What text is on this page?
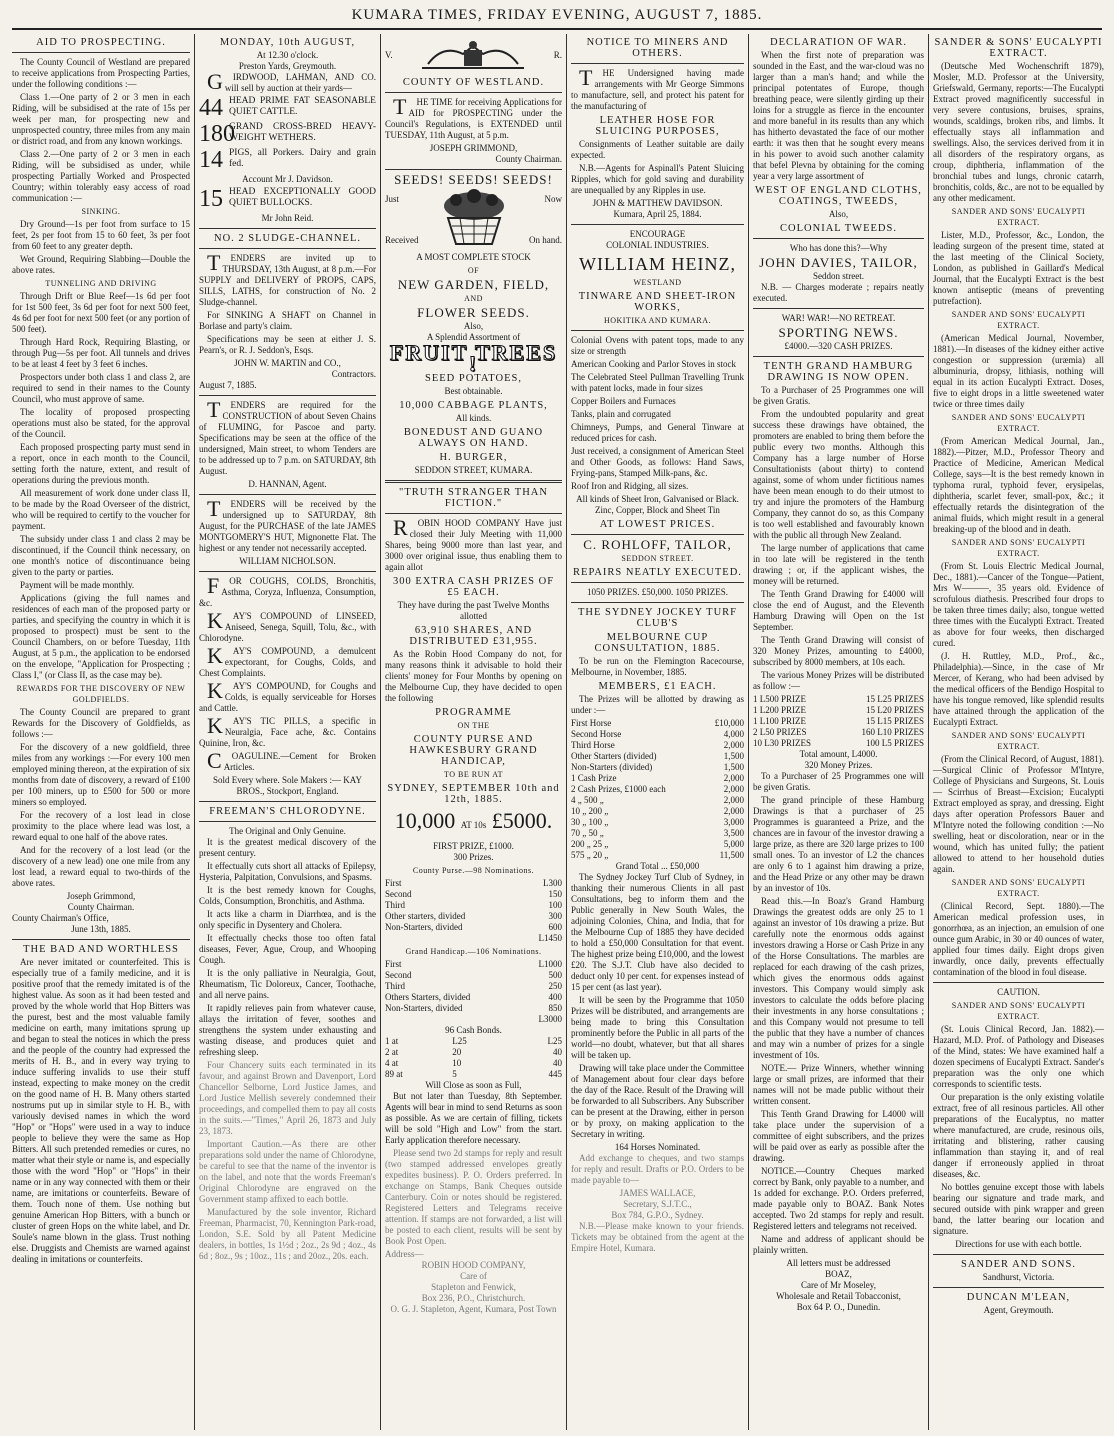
KUMARA TIMES, FRIDAY EVENING, AUGUST 7, 1885.
AID TO PROSPECTING.

The County Council of Westland are prepared to receive applications from Prospecting Parties, under the following conditions :—

Class 1.—One party of 2 or 3 men in each Riding, will be subsidised at the rate of 15s per week per man, for prospecting new and unprospected country, three miles from any main or district road, and from any known workings.

Class 2.—One party of 2 or 3 men in each Riding, will be subsidised as under, while prospecting Partially Worked and Prospected Country; within tolerably easy access of road communication :—

SINKING.

Dry Ground—1s per foot from surface to 15 feet, 2s per foot from 15 to 60 feet, 3s per foot from 60 feet to any greater depth.

Wet Ground, Requiring Slabbing—Double the above rates.

TUNNELING AND DRIVING

Through Drift or Blue Reef—1s 6d per foot for 1st 500 feet, 3s 6d per foot for next 500 feet, 4s 6d per foot for next 500 feet (or any portion of 500 feet).

Through Hard Rock, Requiring Blasting, or through Pug—5s per foot. All tunnels and drives to be at least 4 feet by 3 feet 6 inches.

Prospectors under both class 1 and class 2, are required to send in their names to the County Council, who must approve of same.

The locality of proposed prospecting operations must also be stated, for the approval of the Council.

Each proposed prospecting party must send in a report, once in each month to the Council, setting forth the nature, extent, and result of operations during the previous month.

All measurement of work done under class II, to be made by the Road Overseer of the district, who will be required to certify to the voucher for payment.

The subsidy under class 1 and class 2 may be discontinued, if the Council think necessary, on one month's notice of discontinuance being given to the party or parties.

Payment will be made monthly.

Applications (giving the full names and residences of each man of the proposed party or parties, and specifying the country in which it is proposed to prospect) must be sent to the Council Chambers, on or before Tuesday, 11th August, at 5 p.m., the application to be endorsed on the envelope, "Application for Prospecting ; Class I," (or Class II, as the case may be).

REWARDS FOR THE DISCOVERY OF NEW GOLDFIELDS.

The County Council are prepared to grant Rewards for the Discovery of Goldfields, as follows :—

For the discovery of a new goldfield, three miles from any workings :—For every 100 men employed mining thereon, at the expiration of six months from date of discovery, a reward of £100 per 100 miners, up to £500 for 500 or more miners so employed.

For the recovery of a lost lead in close proximity to the place where lead was lost, a reward equal to one half of the above rates.

And for the recovery of a lost lead (or the discovery of a new lead) one one mile from any lost lead, a reward equal to two-thirds of the above rates.

Joseph Grimmond,
County Chairman.
County Chairman's Office,
June 13th, 1885.
THE BAD AND WORTHLESS

Are never imitated or counterfeited. This is especially true of a family medicine, and it is positive proof that the remedy imitated is of the highest value. As soon as it had been tested and proved by the whole world that Hop Bitters was the purest, best and the most valuable family medicine on earth, many imitations sprung up and began to steal the notices in which the press and the people of the country had expressed the merits of H. B., and in every way trying to induce suffering invalids to use their stuff instead, expecting to make money on the credit on the good name of H. B. Many others started nostrums put up in similar style to H. B., with variously devised names in which the word "Hop" or "Hops" were used in a way to induce people to believe they were the same as Hop Bitters. All such pretended remedies or cures, no matter what their style or name is, and especially those with the word "Hop" or "Hops" in their name or in any way connected with them or their name, are imitations or counterfeits. Beware of them. Touch none of them. Use nothing but genuine American Hop Bitters, with a bunch or cluster of green Hops on the white label, and Dr. Soule's name blown in the glass. Trust nothing else. Druggists and Chemists are warned against dealing in imitations or counterfeits.

MONDAY, 10th AUGUST,
At 12.30 o'clock.
Preston Yards, Greymouth.

GIRDWOOD, LAHMAN, AND CO. will sell by auction at their yards—

44 HEAD PRIME FAT SEASONABLE QUIET CATTLE.
180
GRAND CROSS-BRED HEAVY-WEIGHT WETHERS.
14 PIGS, all Porkers. Dairy and grain fed.
Account Mr J. Davidson.
15 HEAD EXCEPTIONALLY GOOD QUIET BULLOCKS.
Mr John Reid.
NO. 2 SLUDGE-CHANNEL.

TENDERS are invited up to THURSDAY, 13th August, at 8 p.m.—For SUPPLY and DELIVERY of PROPS, CAPS, SILLS, LATHS, for construction of No. 2 Sludge-channel.

For SINKING A SHAFT on Channel in Borlase and party's claim.

Specifications may be seen at either J. S. Pearn's, or R. J. Seddon's, Esqs.

JOHN W. MARTIN and CO.,
Contractors.
August 7, 1885.

TENDERS are required for the CONSTRUCTION of about Seven Chains of FLUMING, for Pascoe and party. Specifications may be seen at the office of the undersigned, Main street, to whom Tenders are to be addressed up to 7 p.m. on SATURDAY, 8th August.

D. HANNAN, Agent.

TENDERS will be received by the undersigned up to SATURDAY, 8th August, for the PURCHASE of the late JAMES MONTGOMERY'S HUT, Mignonette Flat. The highest or any tender not necessarily accepted.

WILLIAM NICHOLSON.

FOR COUGHS, COLDS, Bronchitis, Asthma, Coryza, Influenza, Consumption, &c.

KAY'S COMPOUND of LINSEED, Aniseed, Senega, Squill, Tolu, &c., with Chlorodyne.

KAY'S COMPOUND, a demulcent expectorant, for Coughs, Colds, and Chest Complaints.

KAY'S COMPOUND, for Coughs and Colds, is equally serviceable for Horses and Cattle.

KAY'S TIC PILLS, a specific in Neuralgia, Face ache, &c. Contains Quinine, Iron, &c.

COAGULINE.—Cement for Broken Articles.

Sold Every where. Sole Makers :— KAY BROS., Stockport, England.

FREEMAN'S CHLORODYNE.
The Original and Only Genuine.

It is the greatest medical discovery of the present century.

It effectually cuts short all attacks of Epilepsy, Hysteria, Palpitation, Convulsions, and Spasms.

It is the best remedy known for Coughs, Colds, Consumption, Bronchitis, and Asthma.

It acts like a charm in Diarrhœa, and is the only specific in Dysentery and Cholera.

It effectually checks those too often fatal diseases, Fever, Ague, Croup, and Whooping Cough.

It is the only palliative in Neuralgia, Gout, Rheumatism, Tic Doloreux, Cancer, Toothache, and all nerve pains.

It rapidly relieves pain from whatever cause, allays the irritation of fever, soothes and strengthens the system under exhausting and wasting disease, and produces quiet and refreshing sleep.

Four Chancery suits each terminated in its favour, and against Brown and Davenport, Lord Chancellor Selborne, Lord Justice James, and Lord Justice Mellish severely condemned their proceedings, and compelled them to pay all costs in the suits.—"Times," April 26, 1873 and July 23, 1873.

Important Caution.—As there are other preparations sold under the name of Chlorodyne, be careful to see that the name of the inventor is on the label, and note that the words Freeman's Original Chlorodyne are engraved on the Government stamp affixed to each bottle.

Manufactured by the sole inventor, Richard Freeman, Pharmacist, 70, Kennington Park-road, London, S.E. Sold by all Patent Medicine dealers, in bottles, 1s 1½d ; 2oz., 2s 9d ; 4oz., 4s 6d ; 8oz., 9s ; 10oz., 11s ; and 20oz., 20s. each.

V.	R.
COUNTY OF WESTLAND.

THE TIME for receiving Applications for AID for PROSPECTING under the Council's Regulations, is EXTENDED until TUESDAY, 11th August, at 5 p.m.

JOSEPH GRIMMOND,
County Chairman.
SEEDS! SEEDS! SEEDS!
Just
Received
Now
On hand.
A MOST COMPLETE STOCK
OF
NEW GARDEN, FIELD,
AND
FLOWER SEEDS.
Also,
A Splendid Assortment of
FRUIT TREES !
SEED POTATOES,
Best obtainable.
10,000 CABBAGE PLANTS,
All kinds.
BONEDUST AND GUANO ALWAYS ON HAND.
H. BURGER,
SEDDON STREET, KUMARA.
"TRUTH STRANGER THAN FICTION."

ROBIN HOOD COMPANY Have just closed their July Meeting with 11,000 Shares, being 9000 more than last year, and 3000 over original issue, thus enabling them to again allot

300 EXTRA CASH PRIZES OF £5 EACH.
They have during the past Twelve Months allotted
63,910 SHARES, AND DISTRIBUTED £31,955.

As the Robin Hood Company do not, for many reasons think it advisable to hold their clients' money for Four Months by opening on the Melbourne Cup, they have decided to open the following

PROGRAMME
ON THE
COUNTY PURSE AND HAWKESBURY GRAND HANDICAP,
TO BE RUN AT
SYDNEY, SEPTEMBER 10th and 12th, 1885.
10,000 AT 10s £5000.
FIRST PRIZE, £1000.
300 Prizes.
County Purse.—98 Nominations.
First	L300
Second	150
Third	100
Other starters, divided	300
Non-Starters, divided	600
	L1450
Grand Handicap.—106 Nominations.
First	L1000
Second	500
Third	250
Others Starters, divided	400
Non-Starters, divided	850
	L3000
96 Cash Bonds.
1 at	L25	L25
2 at	20	40
4 at	10	40
89 at	5	445
Will Close as soon as Full,

But not later than Tuesday, 8th September. Agents will bear in mind to send Returns as soon as possible. As we are certain of filling, tickets will be sold "High and Low" from the start. Early application therefore necessary.

Please send two 2d stamps for reply and result (two stamped addressed envelopes greatly expedites business). P. O. Orders preferred. In exchange on Stamps, Bank Cheques outside Canterbury. Coin or notes should be registered. Registered Letters and Telegrams receive attention. If stamps are not forwarded, a list will be posted to each client, results will be sent by Book Post Open.

Address—
ROBIN HOOD COMPANY,
Care of
Stapleton and Fenwick,
Box 236, P.O., Christchurch.
O. G. J. Stapleton, Agent, Kumara, Post Town
NOTICE TO MINERS AND OTHERS.

THE Undersigned having made arrangements with Mr George Simmons to manufacture, sell, and protect his patent for the manufacturing of

LEATHER HOSE FOR SLUICING PURPOSES,

Consignments of Leather suitable are daily expected.

N.B.—Agents for Aspinall's Patent Sluicing Ripples, which for gold saving and durability are unequalled by any Ripples in use.

JOHN & MATTHEW DAVIDSON.
Kumara, April 25, 1884.
ENCOURAGE
COLONIAL INDUSTRIES.
WILLIAM HEINZ,
WESTLAND
TINWARE AND SHEET-IRON WORKS,
HOKITIKA AND KUMARA.

Colonial Ovens with patent tops, made to any size or strength

American Cooking and Parlor Stoves in stock

The Celebrated Steel Pullman Travelling Trunk with patent locks, made in four sizes

Copper Boilers and Furnaces

Tanks, plain and corrugated

Chimneys, Pumps, and General Tinware at reduced prices for cash.

Just received, a consignment of American Steel and Other Goods, as follows: Hand Saws, Frying-pans, Stamped Milk-pans, &c.

Roof Iron and Ridging, all sizes.

All kinds of Sheet Iron, Galvanised or Black.
Zinc, Copper, Block and Sheet Tin
AT LOWEST PRICES.
C. ROHLOFF, TAILOR,
SEDDON STREET.
REPAIRS NEATLY EXECUTED.
1050 PRIZES. £50,000. 1050 PRIZES.
THE SYDNEY JOCKEY TURF CLUB'S
MELBOURNE CUP CONSULTATION, 1885.

To be run on the Flemington Racecourse, Melbourne, in November, 1885.

MEMBERS, £1 EACH.

The Prizes will be allotted by drawing as under :—

First Horse	£10,000
Second Horse	4,000
Third Horse	2,000
Other Starters (divided)	1,500
Non-Starters (divided)	1,500
1 Cash Prize	2,000
2 Cash Prizes, £1000 each	2,000
4 „ 500 „	2,000
10 „ 200 „	2,000
30 „ 100 „	3,000
70 „ 50 „	3,500
200 „ 25 „	5,000
575 „ 20 „	11,500
Grand Total ... £50,000

The Sydney Jockey Turf Club of Sydney, in thanking their numerous Clients in all past Consultations, beg to inform them and the Public generally in New South Wales, the adjoining Colonies, China, and India, that for the Melbourne Cup of 1885 they have decided to hold a £50,000 Consultation for that event. The highest prize being £10,000, and the lowest £20. The S.J.T. Club have also decided to deduct only 10 per cent. for expenses instead of 15 per cent (as last year).

It will be seen by the Programme that 1050 Prizes will be distributed, and arrangements are being made to bring this Consultation prominently before the Public in all parts of the world—no doubt, whatever, but that all shares will be taken up.

Drawing will take place under the Committee of Management about four clear days before the day of the Race. Result of the Drawing will be forwarded to all Subscribers. Any Subscriber can be present at the Drawing, either in person or by proxy, on making application to the Secretary in writing.

164 Horses Nominated.

Add exchange to cheques, and two stamps for reply and result. Drafts or P.O. Orders to be made payable to—

JAMES WALLACE,
Secretary, S.J.T.C.,
Box 784, G.P.O., Sydney.

N.B.—Please make known to your friends. Tickets may be obtained from the agent at the Empire Hotel, Kumara.

DECLARATION OF WAR.

When the first note of preparation was sounded in the East, and the war-cloud was no larger than a man's hand; and while the principal potentates of Europe, though breathing peace, were silently girding up their loins for a struggle as fierce in the encounter and more baneful in its results than any which has hitherto devastated the face of our mother earth: it was then that he sought every means in his power to avoid such another calamity that befel Plevna by obtaining for the coming year a very large assortment of

WEST OF ENGLAND CLOTHS, COATINGS, TWEEDS,
Also,
COLONIAL TWEEDS.
Who has done this?—Why
JOHN DAVIES, TAILOR,
Seddon street.

N.B. — Charges moderate ; repairs neatly executed.

WAR! WAR!—NO RETREAT.
SPORTING NEWS.
£4000.—320 CASH PRIZES.
TENTH GRAND HAMBURG DRAWING IS NOW OPEN.

To a Purchaser of 25 Programmes one will be given Gratis.

From the undoubted popularity and great success these drawings have obtained, the promoters are enabled to bring them before the public every two months. Although this Company has a large number of Horse Consultationists (about thirty) to contend against, some of whom under fictitious names have been mean enough to do their utmost to try and injure the promoters of the Hamburg Company, they cannot do so, as this Company is too well established and favourably known with the public all through New Zealand.

The large number of applications that came in too late will be registered in the tenth drawing ; or, if the applicant wishes, the money will be returned.

The Tenth Grand Drawing for £4000 will close the end of August, and the Eleventh Hamburg Drawing will Open on the 1st September.

The Tenth Grand Drawing will consist of 320 Money Prizes, amounting to £4000, subscribed by 8000 members, at 10s each.

The various Money Prizes will be distributed as follow :—

1 L500 PRIZE	15 L25 PRIZES
1 L200 PRIZE	15 L20 PRIZES
1 L100 PRIZE	15 L15 PRIZES
2 L50 PRIZES	160 L10 PRIZES
10 L30 PRIZES	100 L5 PRIZES
Total amount, L4000.
320 Money Prizes.

To a Purchaser of 25 Programmes one will be given Gratis.

The grand principle of these Hamburg Drawings is that a purchaser of 25 Programmes is guaranteed a Prize, and the chances are in favour of the investor drawing a large prize, as there are 320 large prizes to 100 small ones. To an investor of L2 the chances are only 6 to 1 against him drawing a prize, and the Head Prize or any other may be drawn by an investor of 10s.

Read this.—In Boaz's Grand Hamburg Drawings the greatest odds are only 25 to 1 against an investor of 10s drawing a prize. But carefully note the enormous odds against investors drawing a Horse or Cash Prize in any of the Horse Consultations. The marbles are replaced for each drawing of the cash prizes, which gives the enormous odds against investors. This Company would simply ask investors to calculate the odds before placing their investments in any horse consultations ; and this Company would not presume to tell the public that they have a number of chances and may win a number of prizes for a single investment of 10s.

NOTE.— Prize Winners, whether winning large or small prizes, are informed that their names will not be made public without their written consent.

This Tenth Grand Drawing for L4000 will take place under the supervision of a committee of eight subscribers, and the prizes will be paid over as early as possible after the drawing.

NOTICE.—Country Cheques marked correct by Bank, only payable to a number, and 1s added for exchange. P.O. Orders preferred, made payable only to BOAZ. Bank Notes accepted. Two 2d stamps for reply and result. Registered letters and telegrams not received.

Name and address of applicant should be plainly written.

All letters must be addressed
BOAZ,
Care of Mr Moseley,
Wholesale and Retail Tobacconist,
Box 64 P. O., Dunedin.
SANDER & SONS' EUCALYPTI EXTRACT.

(Deutsche Med Wochenschrift 1879), Mosler, M.D. Professor at the University, Griefswald, Germany, reports:—The Eucalypti Extract proved magnificently successful in very severe contusions, bruises, sprains, wounds, scaldings, broken ribs, and limbs. It effectually stays all inflammation and swellings. Also, the services derived from it in all disorders of the respiratory organs, as croup, diphtheria, inflammation of the bronchial tubes and lungs, chronic catarrh, bronchitis, colds, &c., are not to be equalled by any other medicament.

SANDER AND SONS' EUCALYPTI EXTRACT.

Lister, M.D., Professor, &c., London, the leading surgeon of the present time, stated at the last meeting of the Clinical Society, London, as published in Gaillard's Medical Journal, that the Eucalypti Extract is the best known antiseptic (means of preventing putrefaction).

SANDER AND SONS' EUCALYPTI EXTRACT.

(American Medical Journal, November, 1881).—In diseases of the kidney either active congestion or suppression (uræmia) all albuminuria, dropsy, lithiasis, nothing will equal in its action Eucalypti Extract. Doses, five to eight drops in a little sweetened water twice or three times daily

SANDER AND SONS' EUCALYPTI EXTRACT.

(From American Medical Journal, Jan., 1882).—Pitzer, M.D., Professor Theory and Practice of Medicine, American Medical College, says—It is the best remedy known in typhoma rural, typhoid fever, erysipelas, diphtheria, scarlet fever, small-pox, &c.; it effectually retards the disintegration of the animal fluids, which might result in a general breaking-up of the blood and in death.

SANDER AND SONS' EUCALYPTI EXTRACT.

(From St. Louis Electric Medical Journal, Dec., 1881).—Cancer of the Tongue—Patient, Mrs W———, 35 years old. Evidence of scrofulous diathesis. Prescribed four drops to be taken three times daily; also, tongue wetted three times with the Eucalypti Extract. Treated as above for four weeks, then discharged cured.

(J. H. Ruttley, M.D., Prof., &c., Philadelphia).—Since, in the case of Mr Mercer, of Kerang, who had been advised by the medical officers of the Bendigo Hospital to have his tongue removed, like splendid results have attained through the application of the Eucalypti Extract.

SANDER AND SONS' EUCALYPTI EXTRACT.

(From the Clinical Record, of August, 1881).—Surgical Clinic of Professor M'Intyre, College of Physicians and Surgeons, St. Louis — Scirrhus of Breast—Excision; Eucalypti Extract employed as spray, and dressing. Eight days after operation Professors Bauer and M'Intyre noted the following condition :—No swelling, heat or discoloration, near or in the wound, which has united fully; the patient allowed to attend to her household duties again.

SANDER AND SONS' EUCALYPTI EXTRACT.

(Clinical Record, Sept. 1880).—The American medical profession uses, in gonorrhœa, as an injection, an emulsion of one ounce gum Arabic, in 30 or 40 ounces of water, applied four times daily. Eight drops given inwardly, once daily, prevents effectually contamination of the blood in foul disease.

CAUTION.
SANDER AND SONS' EUCALYPTI EXTRACT.

(St. Louis Clinical Record, Jan. 1882).—Hazard, M.D. Prof. of Pathology and Diseases of the Mind, states: We have examined half a dozen specimens of Eucalypti Extract. Sander's preparation was the only one which corresponds to scientific tests.

Our preparation is the only existing volatile extract, free of all resinous particles. All other preparations of the Eucalyptus, no matter where manufactured, are crude, resinous oils, irritating and blistering, rather causing inflammation than staying it, and of real danger if erroneously applied in throat diseases, &c.

No bottles genuine except those with labels bearing our signature and trade mark, and secured outside with pink wrapper and green band, the latter bearing our location and signature.

Directions for use with each bottle.
SANDER AND SONS.
Sandhurst, Victoria.
DUNCAN M'LEAN,
Agent, Greymouth.
